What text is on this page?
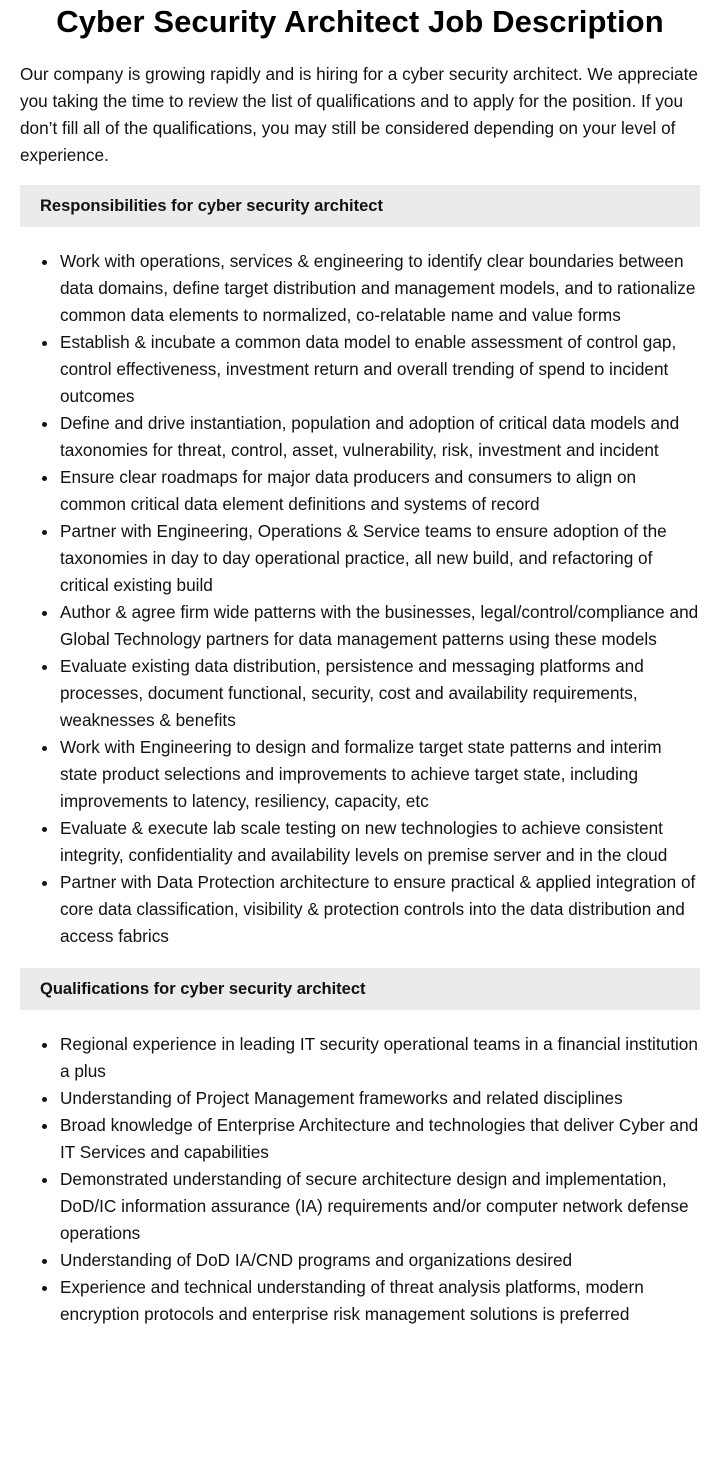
Cyber Security Architect Job Description

Our company is growing rapidly and is hiring for a cyber security architect. We appreciate you taking the time to review the list of qualifications and to apply for the position. If you don’t fill all of the qualifications, you may still be considered depending on your level of experience.

Responsibilities for cyber security architect
Work with operations, services & engineering to identify clear boundaries between data domains, define target distribution and management models, and to rationalize common data elements to normalized, co-relatable name and value forms
Establish & incubate a common data model to enable assessment of control gap, control effectiveness, investment return and overall trending of spend to incident outcomes
Define and drive instantiation, population and adoption of critical data models and taxonomies for threat, control, asset, vulnerability, risk, investment and incident
Ensure clear roadmaps for major data producers and consumers to align on common critical data element definitions and systems of record
Partner with Engineering, Operations & Service teams to ensure adoption of the taxonomies in day to day operational practice, all new build, and refactoring of critical existing build
Author & agree firm wide patterns with the businesses, legal/control/compliance and Global Technology partners for data management patterns using these models
Evaluate existing data distribution, persistence and messaging platforms and processes, document functional, security, cost and availability requirements, weaknesses & benefits
Work with Engineering to design and formalize target state patterns and interim state product selections and improvements to achieve target state, including improvements to latency, resiliency, capacity, etc
Evaluate & execute lab scale testing on new technologies to achieve consistent integrity, confidentiality and availability levels on premise server and in the cloud
Partner with Data Protection architecture to ensure practical & applied integration of core data classification, visibility & protection controls into the data distribution and access fabrics
Qualifications for cyber security architect
Regional experience in leading IT security operational teams in a financial institution a plus
Understanding of Project Management frameworks and related disciplines
Broad knowledge of Enterprise Architecture and technologies that deliver Cyber and IT Services and capabilities
Demonstrated understanding of secure architecture design and implementation, DoD/IC information assurance (IA) requirements and/or computer network defense operations
Understanding of DoD IA/CND programs and organizations desired
Experience and technical understanding of threat analysis platforms, modern encryption protocols and enterprise risk management solutions is preferred
